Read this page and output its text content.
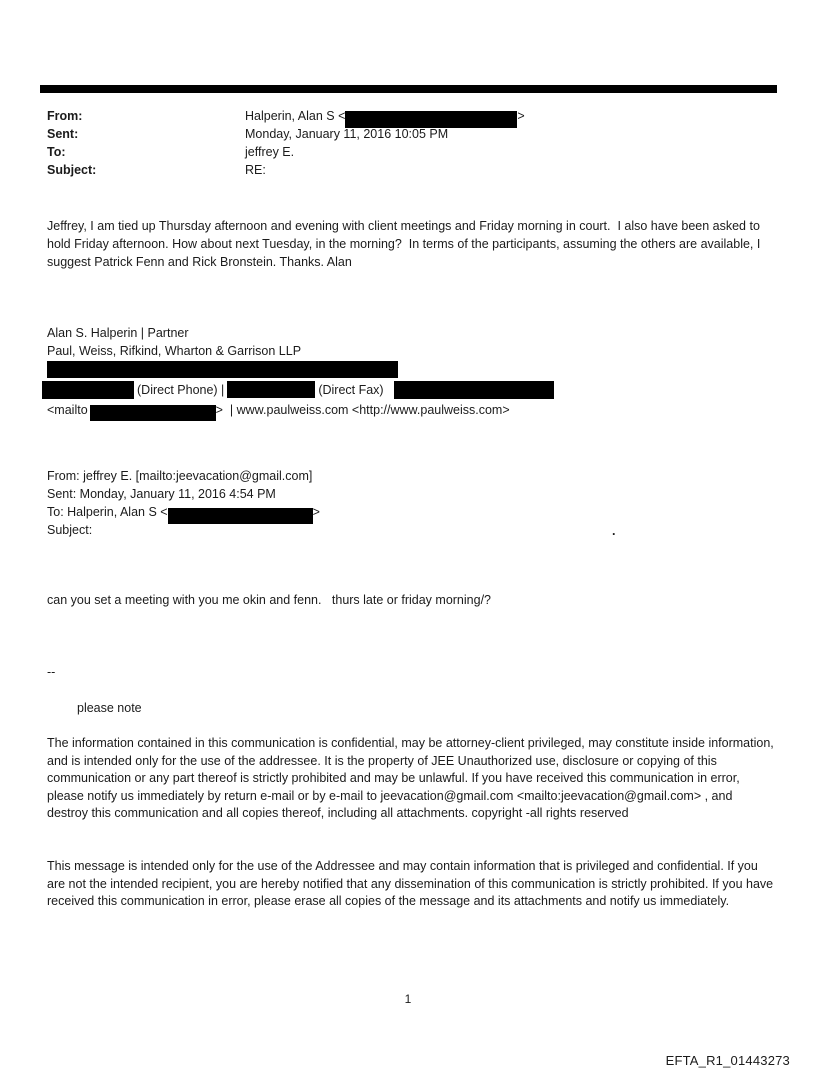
From:	Halperin, Alan S <	>
Sent:	Monday, January 11, 2016 10:05 PM
To:	jeffrey E.
Subject:	RE:
Jeffrey, I am tied up Thursday afternoon and evening with client meetings and Friday morning in court.  I also have been asked to hold Friday afternoon. How about next Tuesday, in the morning?  In terms of the participants, assuming the others are available, I suggest Patrick Fenn and Rick Bronstein. Thanks. Alan
Alan S. Halperin | Partner
Paul, Weiss, Rifkind, Wharton & Garrison LLP
(Direct Phone) |	(Direct Fax)
<mailto	>  | www.paulweiss.com <http://www.paulweiss.com>
From: jeffrey E. [mailto:jeevacation@gmail.com]
Sent: Monday, January 11, 2016 4:54 PM
To: Halperin, Alan S <	>
Subject:	.
can you set a meeting with you me okin and fenn.   thurs late or friday morning/?
--
please note
The information contained in this communication is confidential, may be attorney-client privileged, may constitute inside information, and is intended only for the use of the addressee. It is the property of JEE Unauthorized use, disclosure or copying of this communication or any part thereof is strictly prohibited and may be unlawful. If you have received this communication in error, please notify us immediately by return e-mail or by e-mail to jeevacation@gmail.com <mailto:jeevacation@gmail.com> , and destroy this communication and all copies thereof, including all attachments. copyright -all rights reserved
This message is intended only for the use of the Addressee and may contain information that is privileged and confidential. If you are not the intended recipient, you are hereby notified that any dissemination of this communication is strictly prohibited. If you have received this communication in error, please erase all copies of the message and its attachments and notify us immediately.
1
EFTA_R1_01443273
